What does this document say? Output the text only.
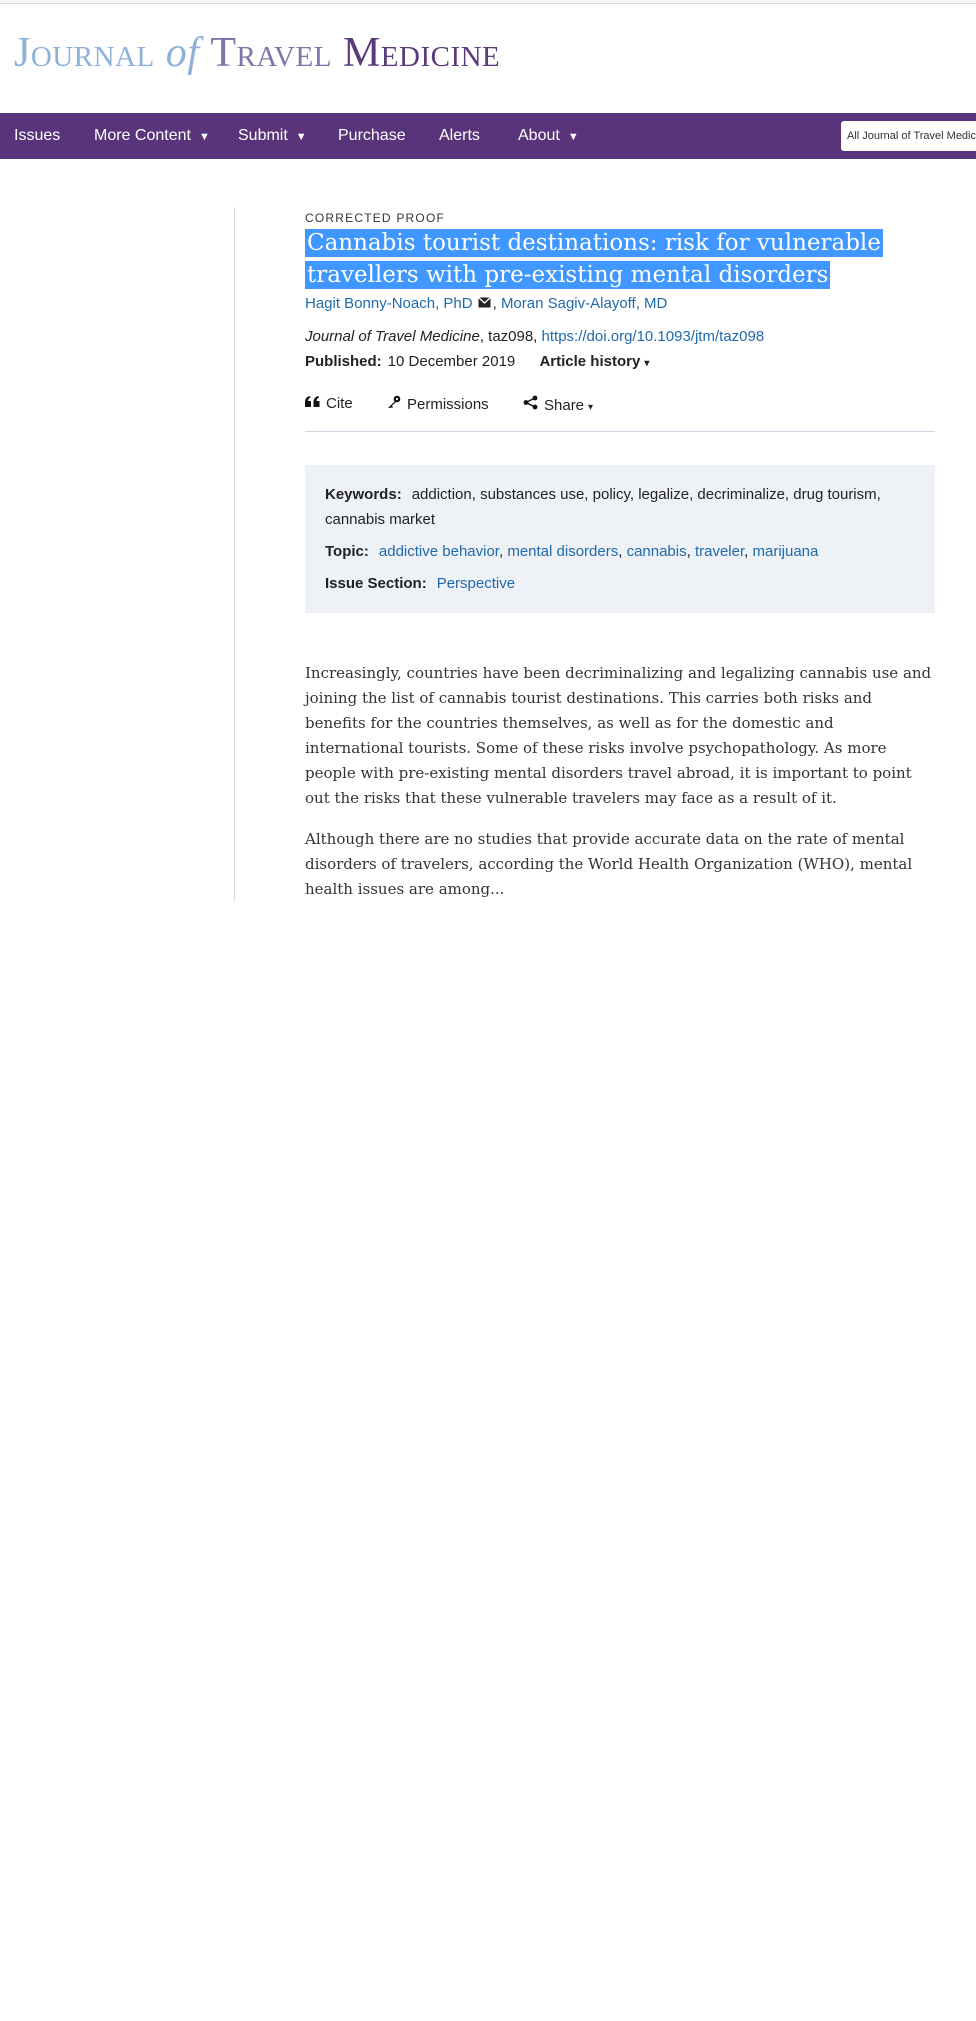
Journal of Travel Medicine
Issues More Content ▼ Submit ▼ Purchase Alerts About ▼
All Journal of Travel Medicine
CORRECTED PROOF
Cannabis tourist destinations: risk for vulnerable travellers with pre-existing mental disorders
Hagit Bonny-Noach, PhD , Moran Sagiv-Alayoff, MD
Journal of Travel Medicine, taz098, https://doi.org/10.1093/jtm/taz098
Published: 10 December 2019 Article history ▾
Cite	Permissions	Share ▾
Keywords: addiction, substances use, policy, legalize, decriminalize, drug tourism, cannabis market
Topic: addictive behavior, mental disorders, cannabis, traveler, marijuana
Issue Section: Perspective

Increasingly, countries have been decriminalizing and legalizing cannabis use and joining the list of cannabis tourist destinations. This carries both risks and benefits for the countries themselves, as well as for the domestic and international tourists. Some of these risks involve psychopathology. As more people with pre-existing mental disorders travel abroad, it is important to point out the risks that these vulnerable travelers may face as a result of it.

Although there are no studies that provide accurate data on the rate of mental disorders of travelers, according the World Health Organization (WHO), mental health issues are among...
